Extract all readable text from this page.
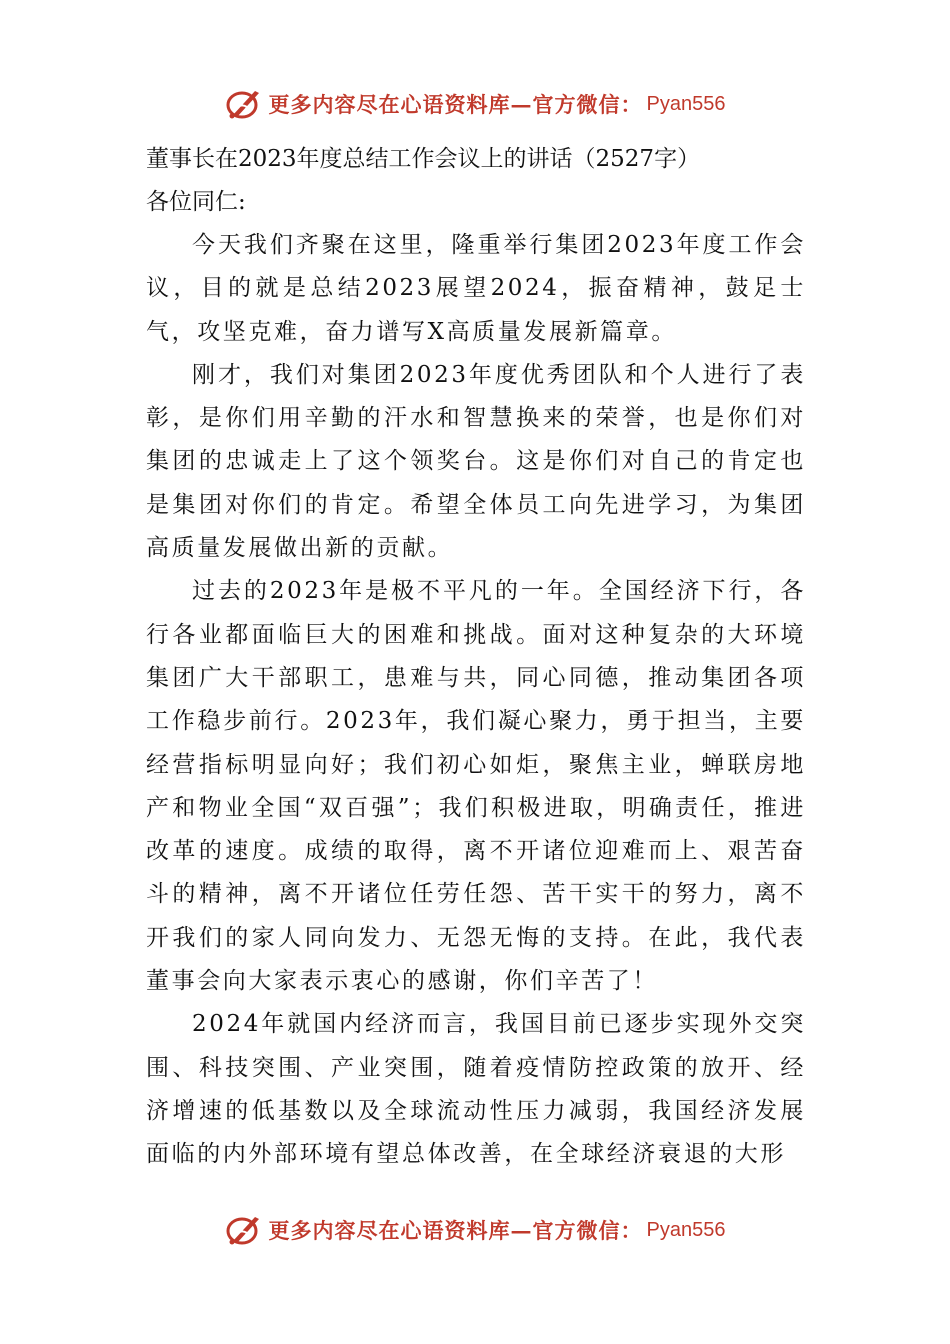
更多内容尽在心语资料库—官方微信： Pyan556
董事长在2023年度总结工作会议上的讲话（2527字）
各位同仁:

今天我们齐聚在这里，隆重举行集团2023年度工作会议，目的就是总结2023展望2024，振奋精神，鼓足士气，攻坚克难，奋力谱写X高质量发展新篇章。

刚才，我们对集团2023年度优秀团队和个人进行了表彰，是你们用辛勤的汗水和智慧换来的荣誉，也是你们对集团的忠诚走上了这个领奖台。这是你们对自己的肯定也是集团对你们的肯定。希望全体员工向先进学习，为集团高质量发展做出新的贡献。

过去的2023年是极不平凡的一年。全国经济下行，各行各业都面临巨大的困难和挑战。面对这种复杂的大环境集团广大干部职工，患难与共，同心同德，推动集团各项工作稳步前行。2023年，我们凝心聚力，勇于担当，主要经营指标明显向好；我们初心如炬，聚焦主业，蝉联房地产和物业全国“双百强”；我们积极进取，明确责任，推进改革的速度。成绩的取得，离不开诸位迎难而上、艰苦奋斗的精神，离不开诸位任劳任怨、苦干实干的努力，离不开我们的家人同向发力、无怨无悔的支持。在此，我代表董事会向大家表示衷心的感谢，你们辛苦了！

2024年就国内经济而言，我国目前已逐步实现外交突围、科技突围、产业突围，随着疫情防控政策的放开、经济增速的低基数以及全球流动性压力减弱，我国经济发展面临的内外部环境有望总体改善，在全球经济衰退的大形

更多内容尽在心语资料库—官方微信： Pyan556
